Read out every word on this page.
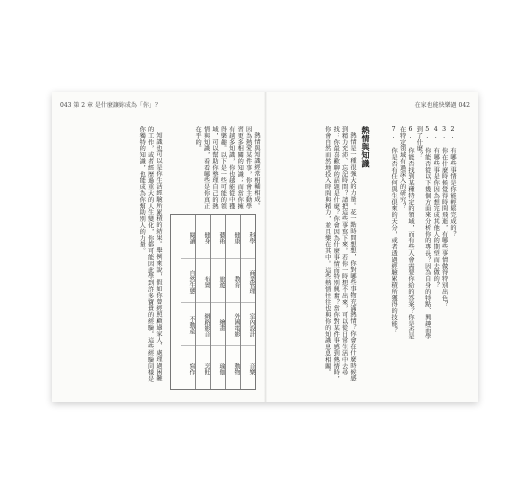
043 第 2 章 是什麼讓妳成為「你」？	在家也能快樂過 042
2. 有哪些事情是你能輕鬆完成的？
3. 你在什麼時候覺得時間飛逝，有哪些事情做得特別出色？
4. 有哪些事是你因為想完成其他人的期望而去做的？
5. 你能否從以下幾個方面來分析你的專長？因為自身的特點、興趣而學到了什麼？
6. 你能否找到某種特定的領域，而有些人會需要你給的答案？你是否是在特定領域有過深入的研究？
7. 你是否有任何與生俱來的天分，或者透過經驗累積所獲得的技能？
熱情與知識
熱情是一種很強大的力量。花一點時間想想，你對哪些事物充滿熱情？你會在什麼時候感到精力充沛、忘記時間？請把這些事寫下來。若你一時想不出來，可以從日常生活中去尋找：你最喜歡聊的話題是什麼？你會因為什麼事情而特別興奮？當你對某件事感到熱情時，你會自然而然地投入時間與精力，並且樂在其中。這些熱情往往也與你的知識息息相關。
熱情與知識經常相輔相成。因為熱愛某件事，你會主動學習更多相關的知識；而當你擁有越多知識，你也越能從中獲得樂趣。以下是一些可能的領域，可以幫助你整理自己的熱情與知識，看看哪些是你真正在乎的。
知識也可以是你生活經驗所累積的結果。舉例來說，假如你曾經照顧過家人、處理過困難的工作，或者經歷過重大的人生變化，你都可能因此學到許多寶貴的經驗。這些經驗同樣是你獨特的知識，也能成為你幫助別人的力量。	科學
商業管理
室內設計
音樂
健康
教育
外國電影
動物
藝術
旅遊
繪畫
瑜伽
健身
布置
網路影音
烹飪
閱讀
自然生態
不動產
寫作
